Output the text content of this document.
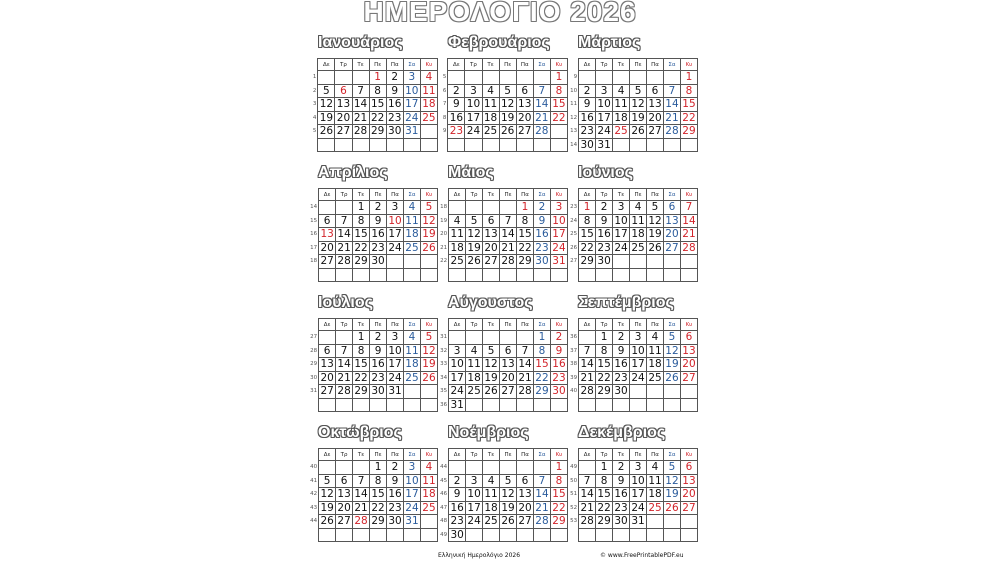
ΗΜΕΡΟΛΟΓΙΟ 2026
Ιανουάριος
	Δε	Τρ	Τε	Πε	Πα	Σα	Κυ
1				1	2	3	4
2	5	6	7	8	9	10	11
3	12	13	14	15	16	17	18
4	19	20	21	22	23	24	25
5	26	27	28	29	30	31	

Φεβρουάριος
	Δε	Τρ	Τε	Πε	Πα	Σα	Κυ
5							1
6	2	3	4	5	6	7	8
7	9	10	11	12	13	14	15
8	16	17	18	19	20	21	22
9	23	24	25	26	27	28	

Μάρτιος
	Δε	Τρ	Τε	Πε	Πα	Σα	Κυ
9							1
10	2	3	4	5	6	7	8
11	9	10	11	12	13	14	15
12	16	17	18	19	20	21	22
13	23	24	25	26	27	28	29
14	30	31					
Απρίλιος
	Δε	Τρ	Τε	Πε	Πα	Σα	Κυ
14			1	2	3	4	5
15	6	7	8	9	10	11	12
16	13	14	15	16	17	18	19
17	20	21	22	23	24	25	26
18	27	28	29	30			

Μάιος
	Δε	Τρ	Τε	Πε	Πα	Σα	Κυ
18					1	2	3
19	4	5	6	7	8	9	10
20	11	12	13	14	15	16	17
21	18	19	20	21	22	23	24
22	25	26	27	28	29	30	31

Ιούνιος
	Δε	Τρ	Τε	Πε	Πα	Σα	Κυ
23	1	2	3	4	5	6	7
24	8	9	10	11	12	13	14
25	15	16	17	18	19	20	21
26	22	23	24	25	26	27	28
27	29	30					

Ιούλιος
	Δε	Τρ	Τε	Πε	Πα	Σα	Κυ
27			1	2	3	4	5
28	6	7	8	9	10	11	12
29	13	14	15	16	17	18	19
30	20	21	22	23	24	25	26
31	27	28	29	30	31		

Αύγουστος
	Δε	Τρ	Τε	Πε	Πα	Σα	Κυ
31						1	2
32	3	4	5	6	7	8	9
33	10	11	12	13	14	15	16
34	17	18	19	20	21	22	23
35	24	25	26	27	28	29	30
36	31						
Σεπτέμβριος
	Δε	Τρ	Τε	Πε	Πα	Σα	Κυ
36		1	2	3	4	5	6
37	7	8	9	10	11	12	13
38	14	15	16	17	18	19	20
39	21	22	23	24	25	26	27
40	28	29	30				

Οκτώβριος
	Δε	Τρ	Τε	Πε	Πα	Σα	Κυ
40				1	2	3	4
41	5	6	7	8	9	10	11
42	12	13	14	15	16	17	18
43	19	20	21	22	23	24	25
44	26	27	28	29	30	31	

Νοέμβριος
	Δε	Τρ	Τε	Πε	Πα	Σα	Κυ
44							1
45	2	3	4	5	6	7	8
46	9	10	11	12	13	14	15
47	16	17	18	19	20	21	22
48	23	24	25	26	27	28	29
49	30						
Δεκέμβριος
	Δε	Τρ	Τε	Πε	Πα	Σα	Κυ
49		1	2	3	4	5	6
50	7	8	9	10	11	12	13
51	14	15	16	17	18	19	20
52	21	22	23	24	25	26	27
53	28	29	30	31			

Ελληνική Ημερολόγιο 2026	© www.FreePrintablePDF.eu
